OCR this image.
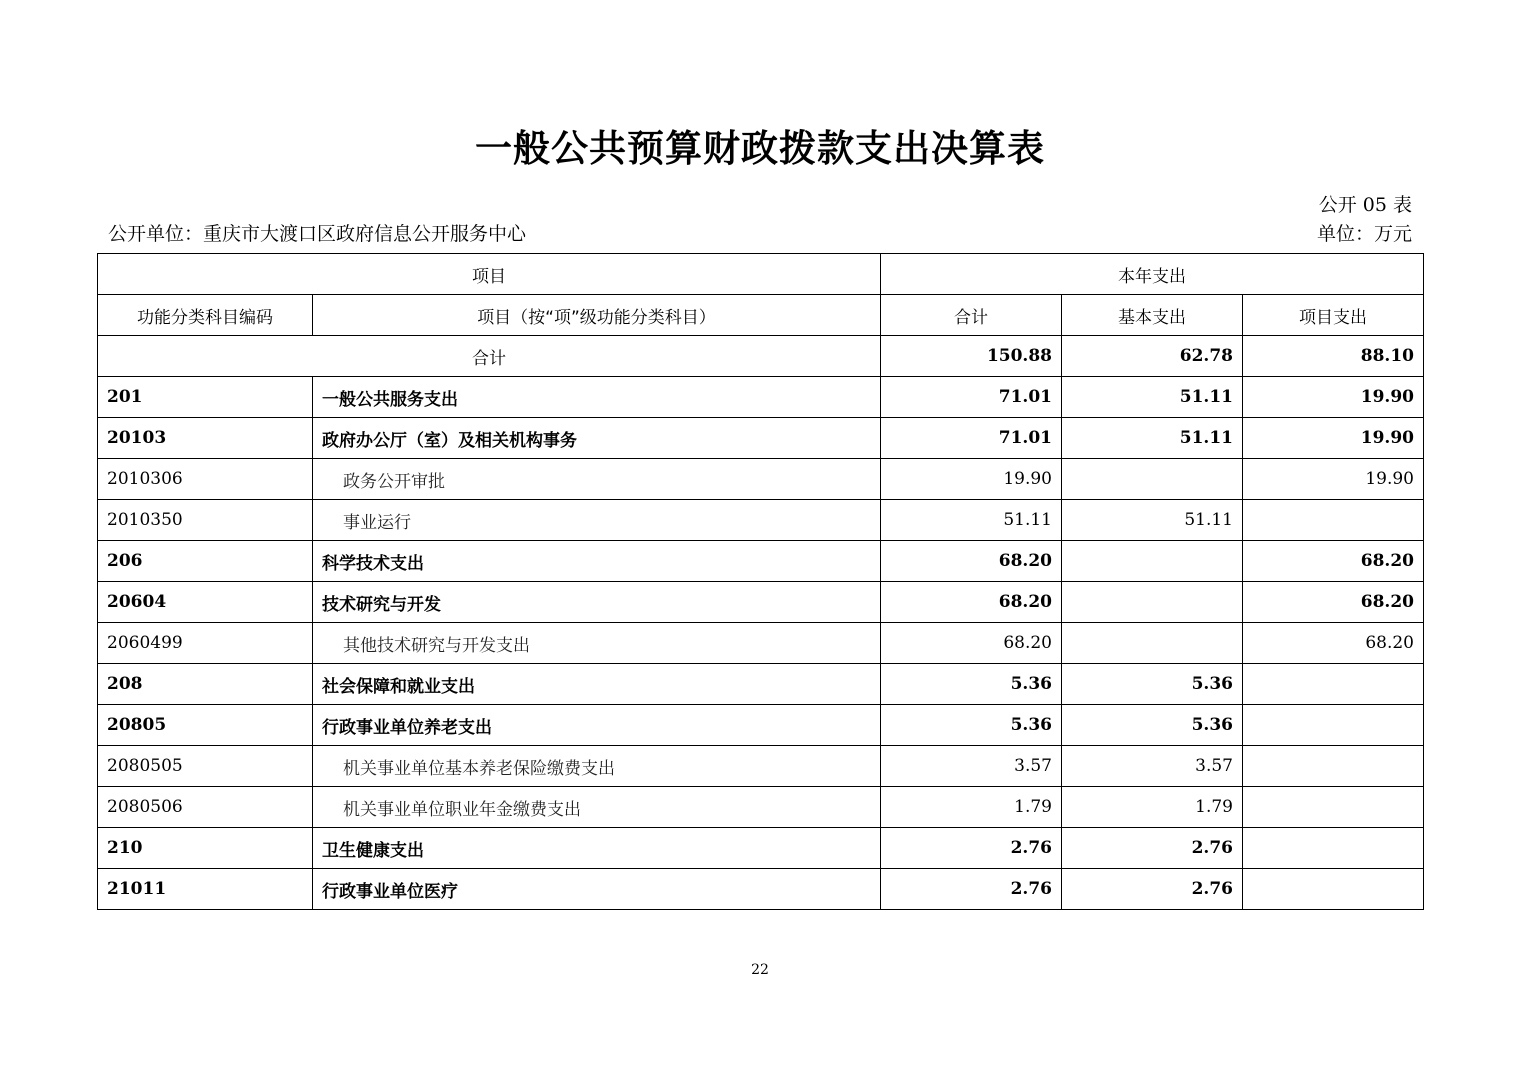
一般公共预算财政拨款支出决算表
公开 05 表
公开单位：重庆市大渡口区政府信息公开服务中心	单位：万元
项目		本年支出		
功能分类科目编码	项目（按“项”级功能分类科目）	合计	基本支出	项目支出
合计		150.88	62.78	88.10
201	一般公共服务支出	71.01	51.11	19.90
20103	政府办公厅（室）及相关机构事务	71.01	51.11	19.90
2010306	政务公开审批	19.90		19.90
2010350	事业运行	51.11	51.11	
206	科学技术支出	68.20		68.20
20604	技术研究与开发	68.20		68.20
2060499	其他技术研究与开发支出	68.20		68.20
208	社会保障和就业支出	5.36	5.36	
20805	行政事业单位养老支出	5.36	5.36	
2080505	机关事业单位基本养老保险缴费支出	3.57	3.57	
2080506	机关事业单位职业年金缴费支出	1.79	1.79	
210	卫生健康支出	2.76	2.76	
21011	行政事业单位医疗	2.76	2.76	
22
